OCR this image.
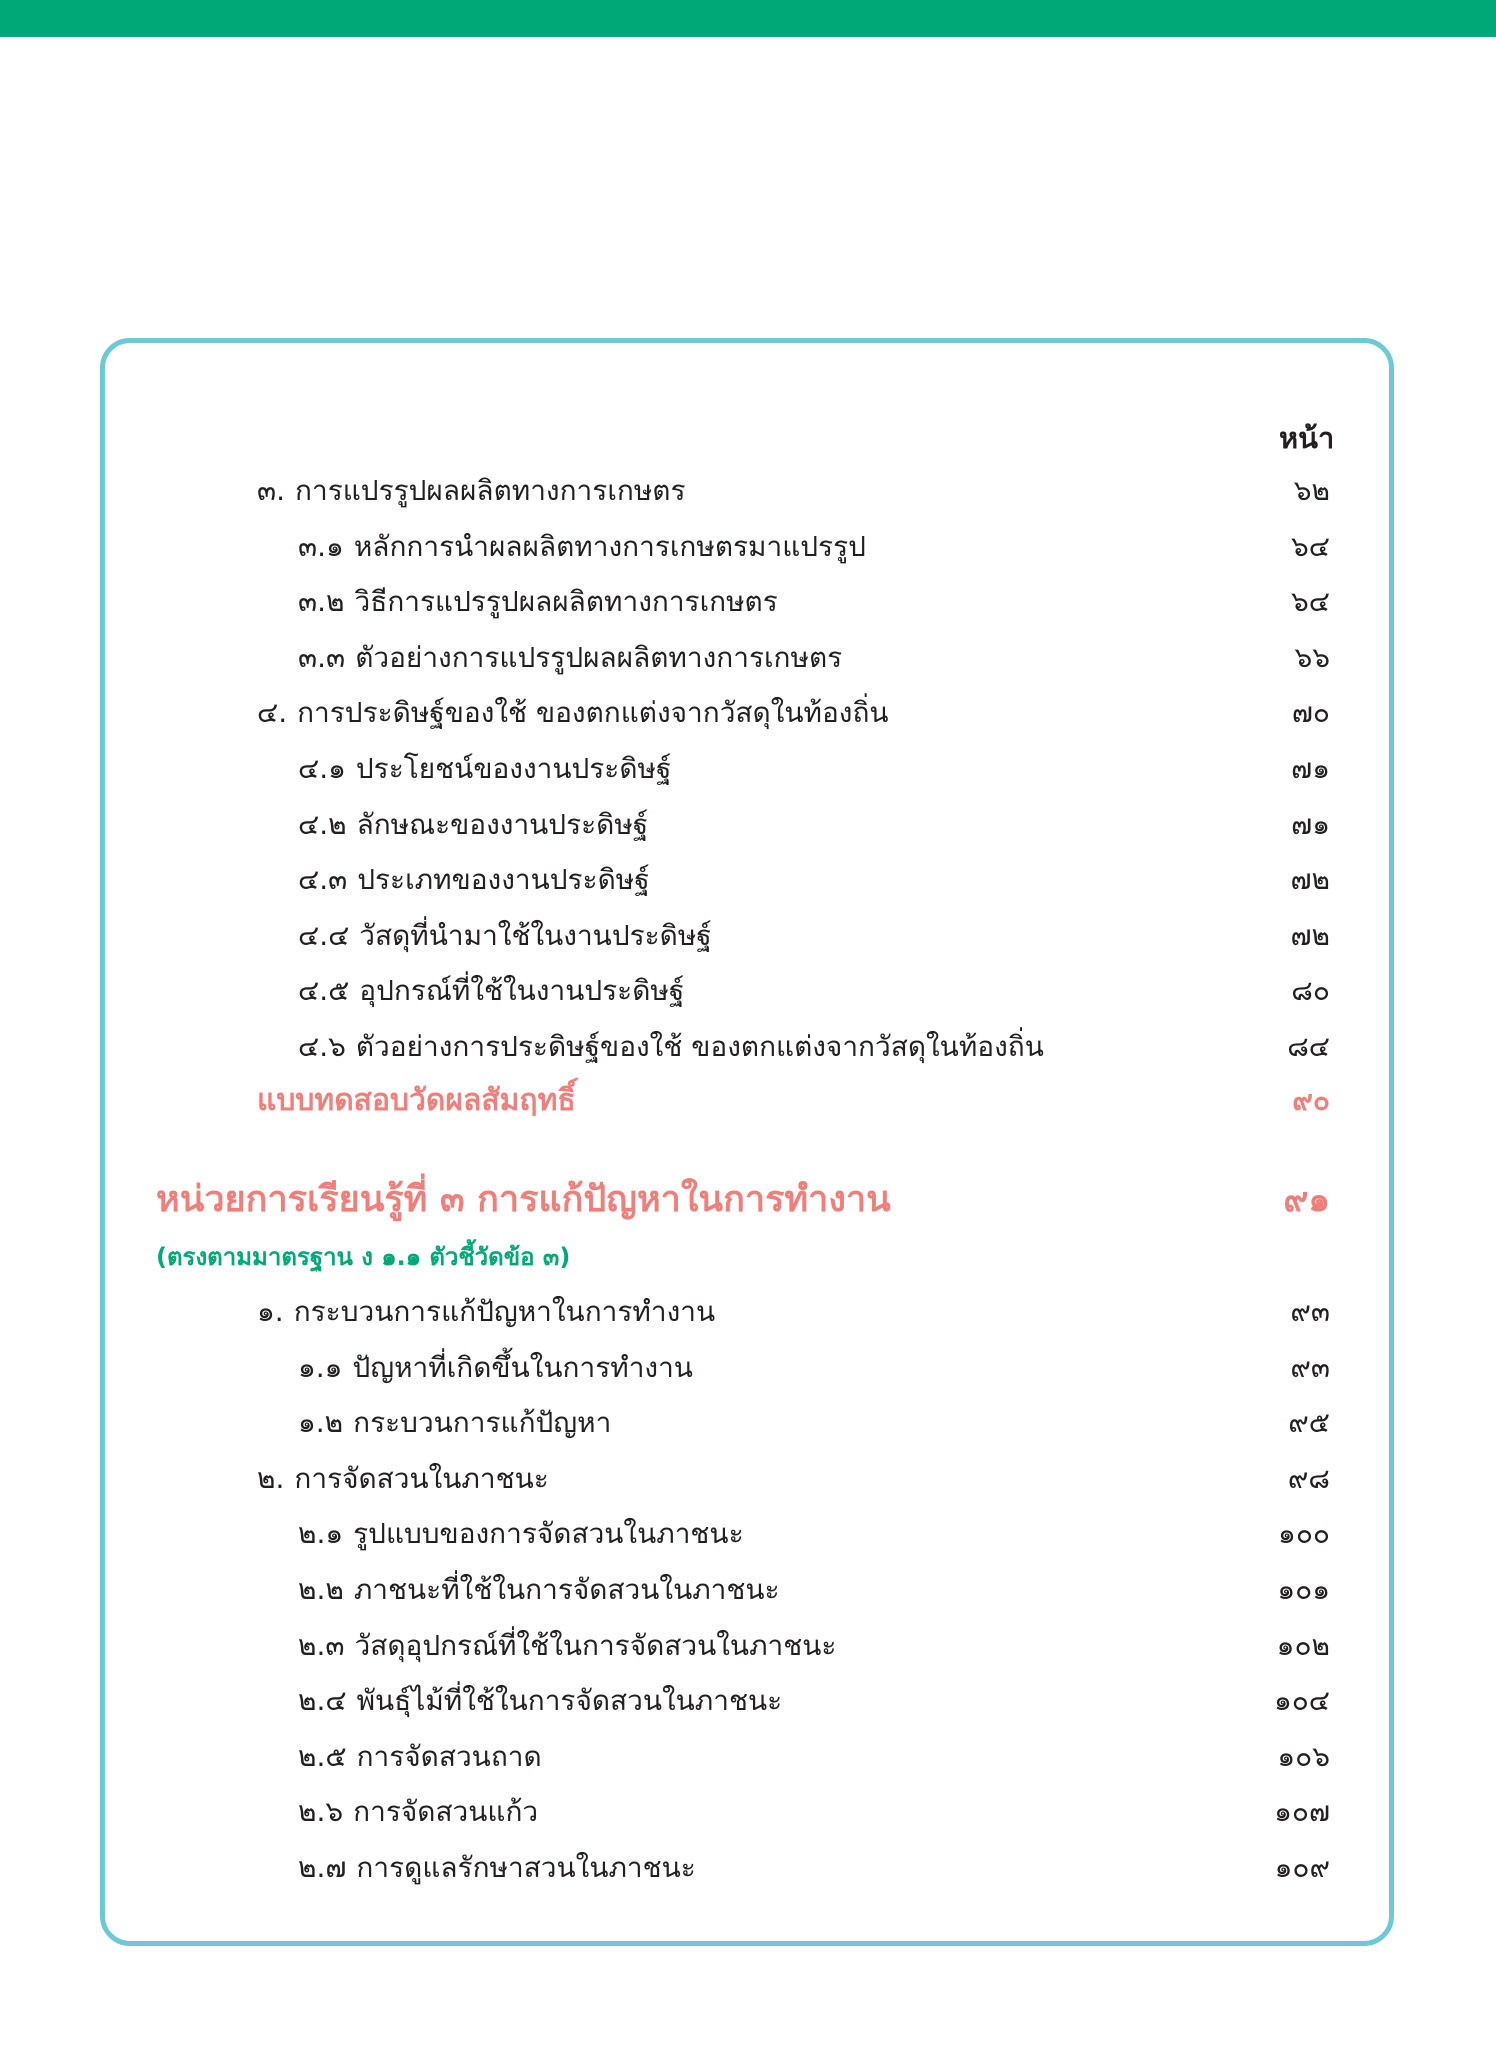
หน้า
๓. การแปรรูปผลผลิตทางการเกษตร	๖๒
๓.๑ หลักการนำผลผลิตทางการเกษตรมาแปรรูป	๖๔
๓.๒ วิธีการแปรรูปผลผลิตทางการเกษตร	๖๔
๓.๓ ตัวอย่างการแปรรูปผลผลิตทางการเกษตร	๖๖
๔. การประดิษฐ์ของใช้ ของตกแต่งจากวัสดุในท้องถิ่น	๗๐
๔.๑ ประโยชน์ของงานประดิษฐ์	๗๑
๔.๒ ลักษณะของงานประดิษฐ์	๗๑
๔.๓ ประเภทของงานประดิษฐ์	๗๒
๔.๔ วัสดุที่นำมาใช้ในงานประดิษฐ์	๗๒
๔.๕ อุปกรณ์ที่ใช้ในงานประดิษฐ์	๘๐
๔.๖ ตัวอย่างการประดิษฐ์ของใช้ ของตกแต่งจากวัสดุในท้องถิ่น	๘๔
แบบทดสอบวัดผลสัมฤทธิ์	๙๐
หน่วยการเรียนรู้ที่ ๓ การแก้ปัญหาในการทำงาน	๙๑
(ตรงตามมาตรฐาน ง ๑.๑ ตัวชี้วัดข้อ ๓)
๑. กระบวนการแก้ปัญหาในการทำงาน	๙๓
๑.๑ ปัญหาที่เกิดขึ้นในการทำงาน	๙๓
๑.๒ กระบวนการแก้ปัญหา	๙๕
๒. การจัดสวนในภาชนะ	๙๘
๒.๑ รูปแบบของการจัดสวนในภาชนะ	๑๐๐
๒.๒ ภาชนะที่ใช้ในการจัดสวนในภาชนะ	๑๐๑
๒.๓ วัสดุอุปกรณ์ที่ใช้ในการจัดสวนในภาชนะ	๑๐๒
๒.๔ พันธุ์ไม้ที่ใช้ในการจัดสวนในภาชนะ	๑๐๔
๒.๕ การจัดสวนถาด	๑๐๖
๒.๖ การจัดสวนแก้ว	๑๐๗
๒.๗ การดูแลรักษาสวนในภาชนะ	๑๐๙
